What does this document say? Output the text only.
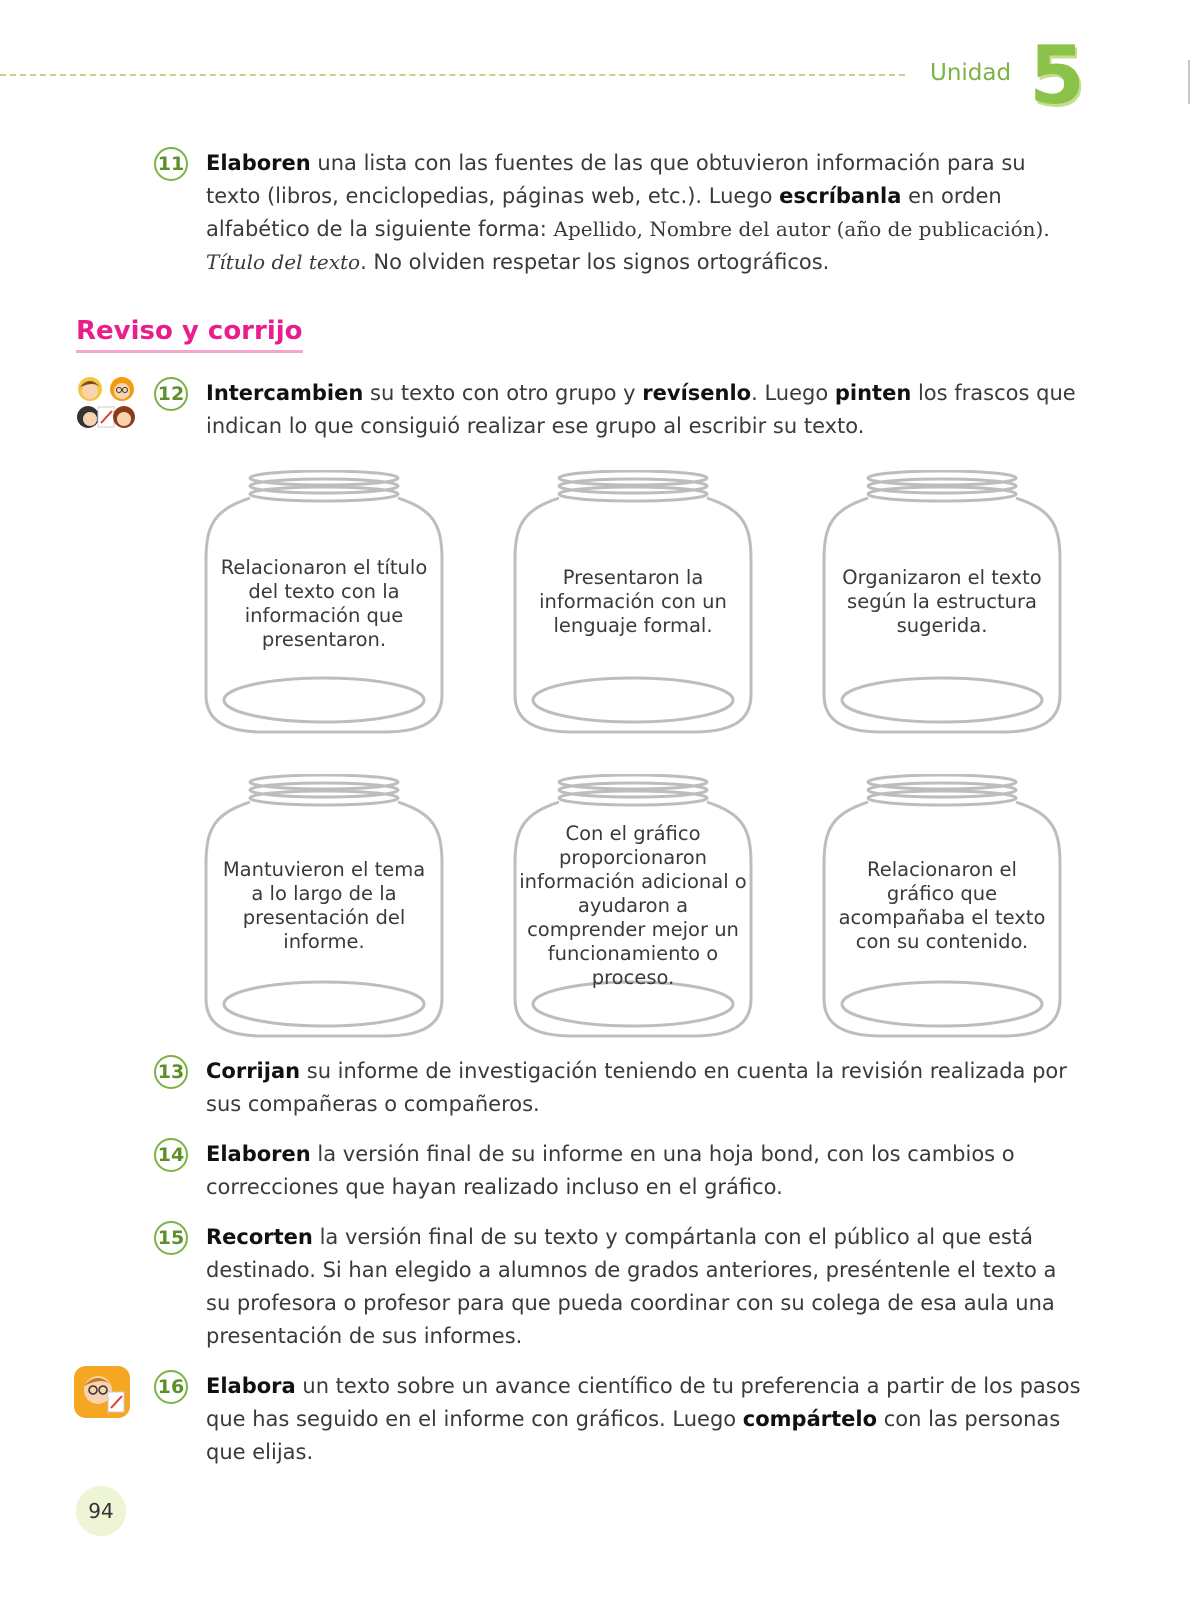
Unidad 5
11 Elaboren una lista con las fuentes de las que obtuvieron información para su texto (libros, enciclopedias, páginas web, etc.). Luego escríbanla en orden alfabético de la siguiente forma: Apellido, Nombre del autor (año de publicación). Título del texto. No olviden respetar los signos ortográficos.
Reviso y corrijo
12 Intercambien su texto con otro grupo y revísenlo. Luego pinten los frascos que indican lo que consiguió realizar ese grupo al escribir su texto.
Relacionaron el título del texto con la información que presentaron.
Presentaron la información con un lenguaje formal.
Organizaron el texto según la estructura sugerida.
Mantuvieron el tema a lo largo de la presentación del informe.
Con el gráfico proporcionaron información adicional o ayudaron a comprender mejor un funcionamiento o proceso.
Relacionaron el gráfico que acompañaba el texto con su contenido.
13 Corrijan su informe de investigación teniendo en cuenta la revisión realizada por sus compañeras o compañeros.
14 Elaboren la versión final de su informe en una hoja bond, con los cambios o correcciones que hayan realizado incluso en el gráfico.
15 Recorten la versión final de su texto y compártanla con el público al que está destinado. Si han elegido a alumnos de grados anteriores, preséntenle el texto a su profesora o profesor para que pueda coordinar con su colega de esa aula una presentación de sus informes.
16 Elabora un texto sobre un avance científico de tu preferencia a partir de los pasos que has seguido en el informe con gráficos. Luego compártelo con las personas que elijas.
94
